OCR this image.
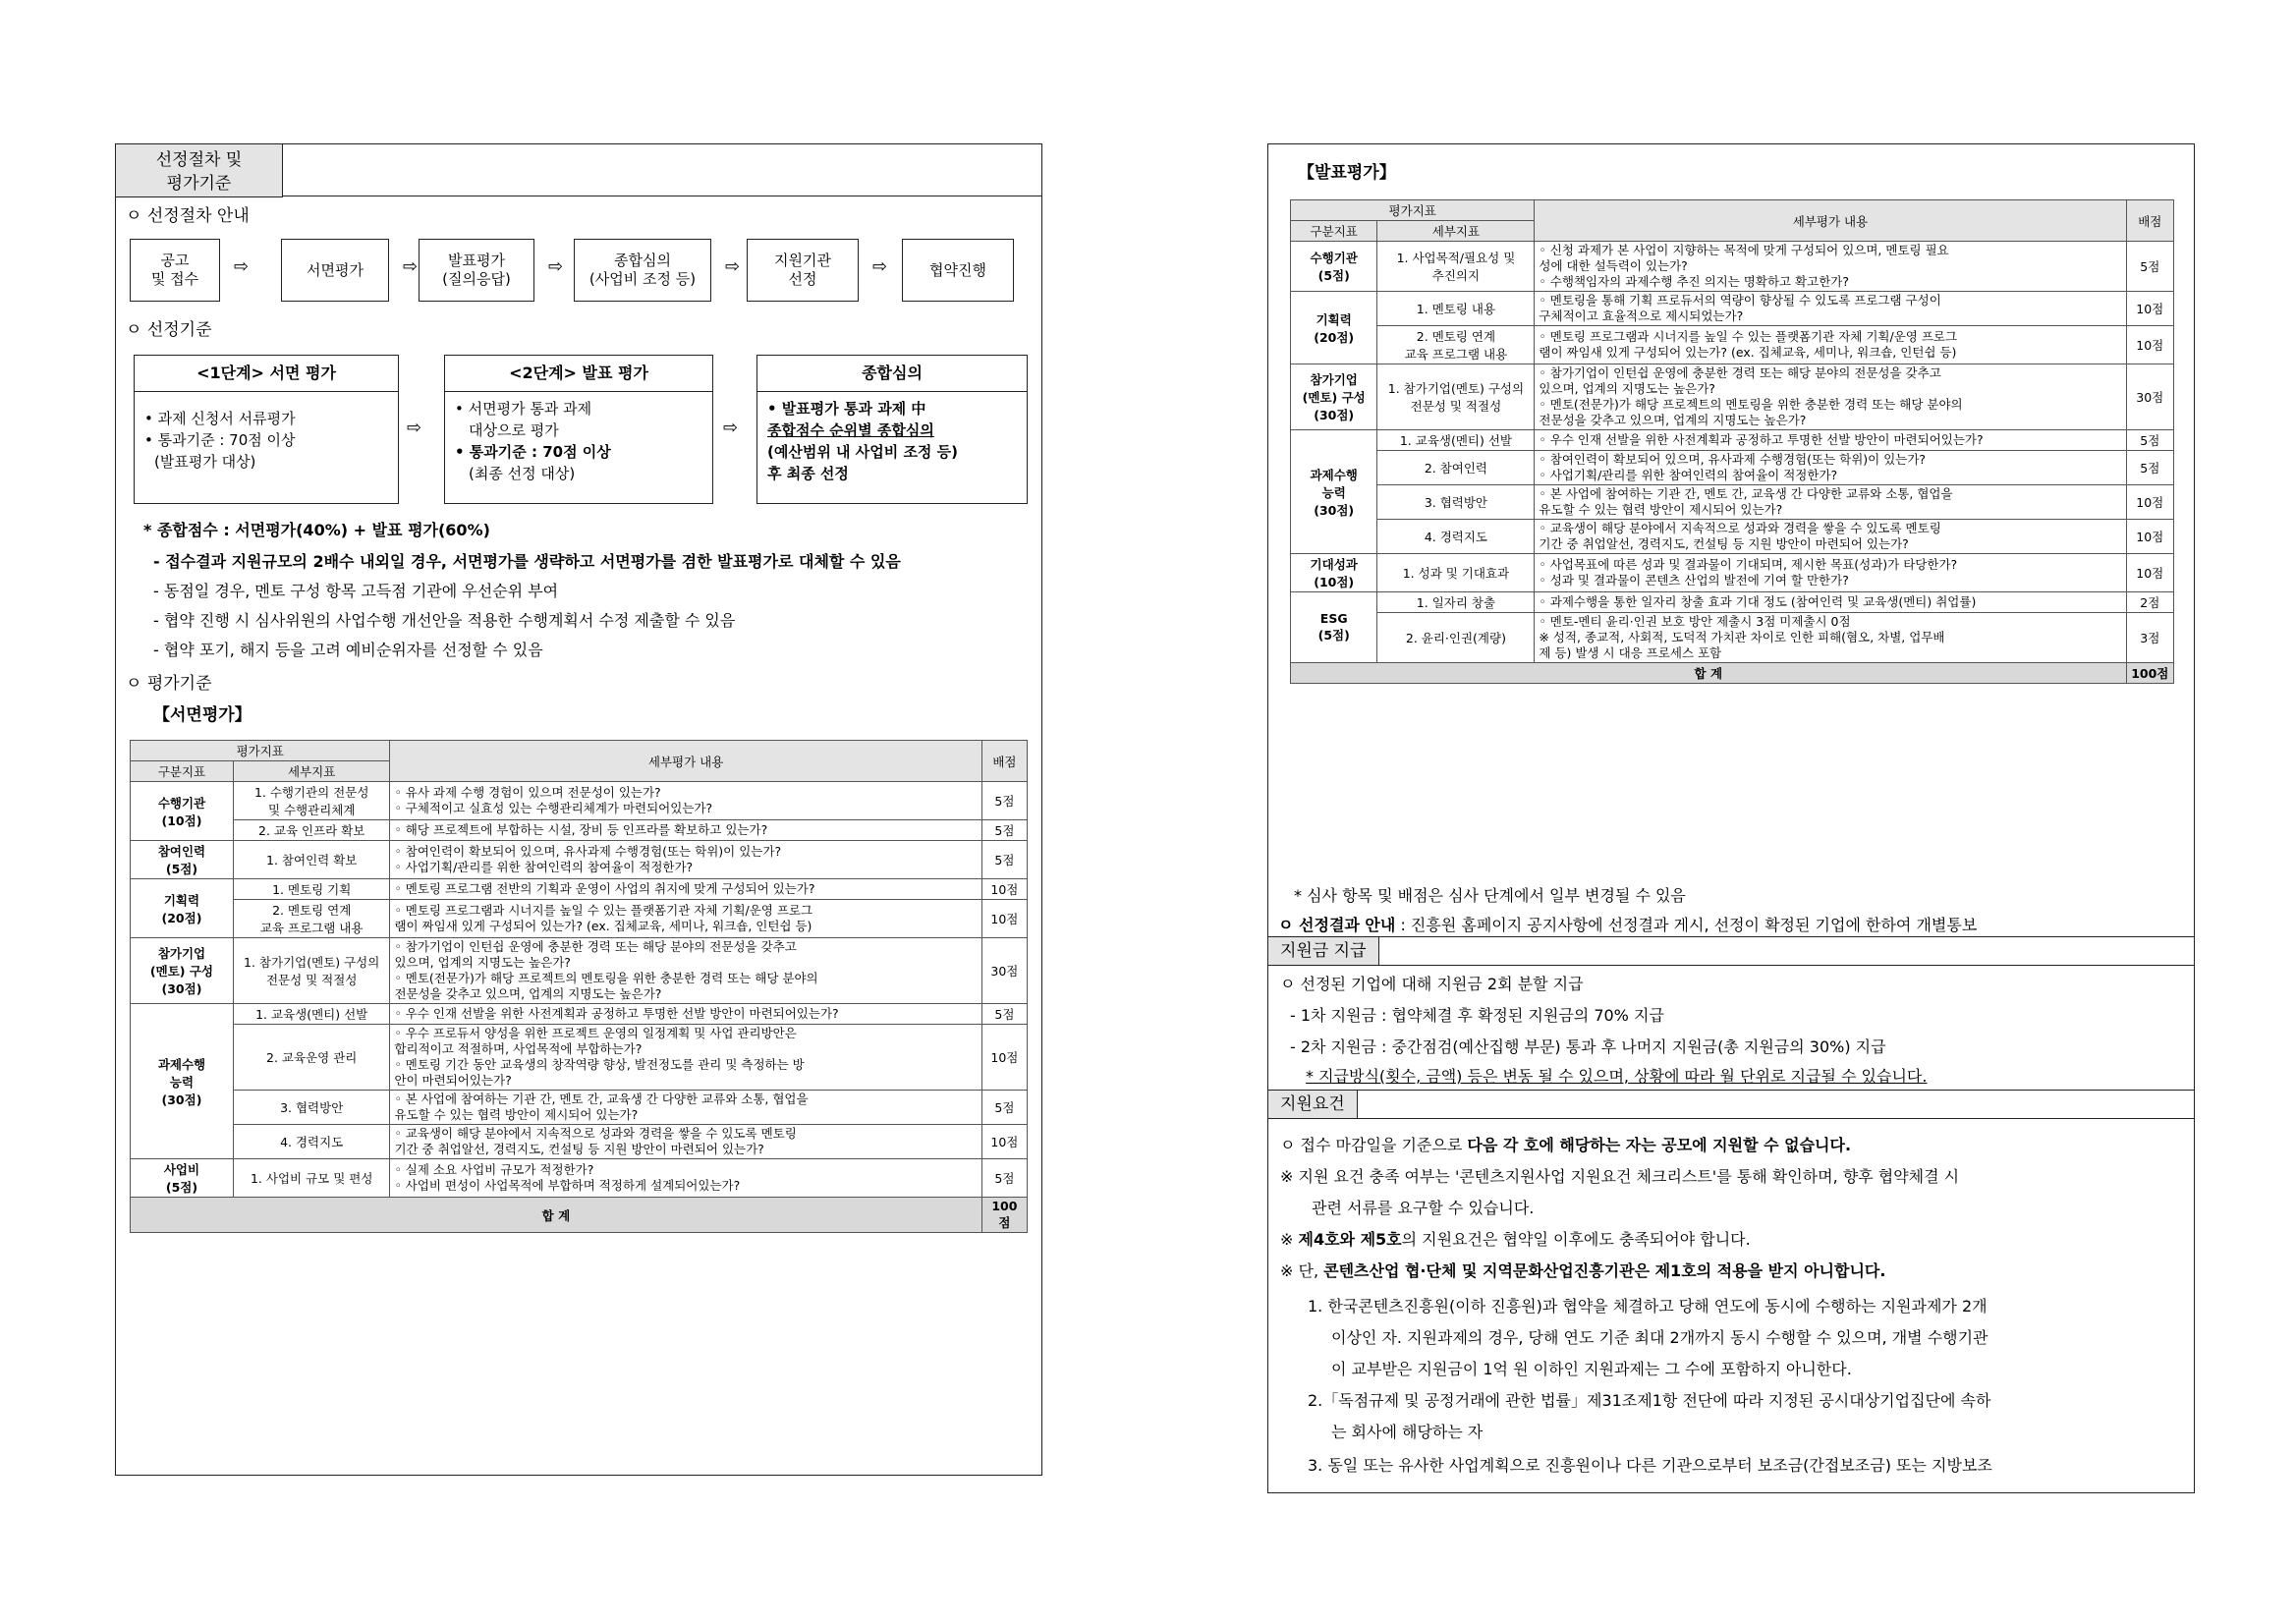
선정절차 및
평가기준
ㅇ 선정절차 안내
공고
및 접수
⇨	서면평가 ⇨	발표평가
(질의응답)
⇨	종합심의
(사업비 조정 등)
⇨ 지원기관
선정
⇨	협약진행
ㅇ 선정기준
<1단계> 서면 평가
• 과제 신청서 서류평가
• 통과기준 : 70점 이상
(발표평가 대상)
⇨
<2단계> 발표 평가
• 서면평가 통과 과제
대상으로 평가
• 통과기준 : 70점 이상
(최종 선정 대상)
⇨
종합심의
• 발표평가 통과 과제 中
종합점수 순위별 종합심의
(예산범위 내 사업비 조정 등)
후 최종 선정
* 종합점수 : 서면평가(40%) + 발표 평가(60%)
- 접수결과 지원규모의 2배수 내외일 경우, 서면평가를 생략하고 서면평가를 겸한 발표평가로 대체할 수 있음
- 동점일 경우, 멘토 구성 항목 고득점 기관에 우선순위 부여
- 협약 진행 시 심사위원의 사업수행 개선안을 적용한 수행계획서 수정 제출할 수 있음
- 협약 포기, 해지 등을 고려 예비순위자를 선정할 수 있음
ㅇ 평가기준
【서면평가】
평가지표		세부평가 내용	배점
구분지표	세부지표		
수행기관
(10점)	1. 수행기관의 전문성
및 수행관리체계	◦ 유사 과제 수행 경험이 있으며 전문성이 있는가?
◦ 구체적이고 실효성 있는 수행관리체계가 마련되어있는가?	5점
	2. 교육 인프라 확보	◦ 해당 프로젝트에 부합하는 시설, 장비 등 인프라를 확보하고 있는가?	5점
참여인력
(5점)	1. 참여인력 확보	◦ 참여인력이 확보되어 있으며, 유사과제 수행경험(또는 학위)이 있는가?
◦ 사업기획/관리를 위한 참여인력의 참여율이 적정한가?	5점
기획력
(20점)	1. 멘토링 기획	◦ 멘토링 프로그램 전반의 기획과 운영이 사업의 취지에 맞게 구성되어 있는가?	10점
	2. 멘토링 연계
교육 프로그램 내용	◦ 멘토링 프로그램과 시너지를 높일 수 있는 플랫폼기관 자체 기획/운영 프로그
램이 짜임새 있게 구성되어 있는가? (ex. 집체교육, 세미나, 워크숍, 인턴쉽 등)	10점
참가기업
(멘토) 구성
(30점)	1. 참가기업(멘토) 구성의
전문성 및 적절성	◦ 참가기업이 인턴쉽 운영에 충분한 경력 또는 해당 분야의 전문성을 갖추고
있으며, 업계의 지명도는 높은가?
◦ 멘토(전문가)가 해당 프로젝트의 멘토링을 위한 충분한 경력 또는 해당 분야의
전문성을 갖추고 있으며, 업계의 지명도는 높은가?	30점
과제수행
능력
(30점)	1. 교육생(멘티) 선발	◦ 우수 인재 선발을 위한 사전계획과 공정하고 투명한 선발 방안이 마련되어있는가?	5점
	2. 교육운영 관리	◦ 우수 프로듀서 양성을 위한 프로젝트 운영의 일정계획 및 사업 관리방안은
합리적이고 적절하며, 사업목적에 부합하는가?
◦ 멘토링 기간 동안 교육생의 창작역량 향상, 발전정도를 관리 및 측정하는 방
안이 마련되어있는가?	10점
	3. 협력방안	◦ 본 사업에 참여하는 기관 간, 멘토 간, 교육생 간 다양한 교류와 소통, 협업을
유도할 수 있는 협력 방안이 제시되어 있는가?	5점
	4. 경력지도	◦ 교육생이 해당 분야에서 지속적으로 성과와 경력을 쌓을 수 있도록 멘토링
기간 중 취업알선, 경력지도, 컨설팅 등 지원 방안이 마련되어 있는가?	10점
사업비
(5점)	1. 사업비 규모 및 편성	◦ 실제 소요 사업비 규모가 적정한가?
◦ 사업비 편성이 사업목적에 부합하며 적정하게 설계되어있는가?	5점
합 계			100점
【발표평가】
평가지표		세부평가 내용	배점
구분지표	세부지표		
수행기관
(5점)	1. 사업목적/필요성 및
추진의지	◦ 신청 과제가 본 사업이 지향하는 목적에 맞게 구성되어 있으며, 멘토링 필요
성에 대한 설득력이 있는가?
◦ 수행책임자의 과제수행 추진 의지는 명확하고 확고한가?	5점
기획력
(20점)	1. 멘토링 내용	◦ 멘토링을 통해 기획 프로듀서의 역량이 향상될 수 있도록 프로그램 구성이
구체적이고 효율적으로 제시되었는가?	10점
	2. 멘토링 연계
교육 프로그램 내용	◦ 멘토링 프로그램과 시너지를 높일 수 있는 플랫폼기관 자체 기획/운영 프로그
램이 짜임새 있게 구성되어 있는가? (ex. 집체교육, 세미나, 워크숍, 인턴쉽 등)	10점
참가기업
(멘토) 구성
(30점)	1. 참가기업(멘토) 구성의
전문성 및 적절성	◦ 참가기업이 인턴쉽 운영에 충분한 경력 또는 해당 분야의 전문성을 갖추고
있으며, 업계의 지명도는 높은가?
◦ 멘토(전문가)가 해당 프로젝트의 멘토링을 위한 충분한 경력 또는 해당 분야의
전문성을 갖추고 있으며, 업계의 지명도는 높은가?	30점
과제수행
능력
(30점)	1. 교육생(멘티) 선발	◦ 우수 인재 선발을 위한 사전계획과 공정하고 투명한 선발 방안이 마련되어있는가?	5점
	2. 참여인력	◦ 참여인력이 확보되어 있으며, 유사과제 수행경험(또는 학위)이 있는가?
◦ 사업기획/관리를 위한 참여인력의 참여율이 적정한가?	5점
	3. 협력방안	◦ 본 사업에 참여하는 기관 간, 멘토 간, 교육생 간 다양한 교류와 소통, 협업을
유도할 수 있는 협력 방안이 제시되어 있는가?	10점
	4. 경력지도	◦ 교육생이 해당 분야에서 지속적으로 성과와 경력을 쌓을 수 있도록 멘토링
기간 중 취업알선, 경력지도, 컨설팅 등 지원 방안이 마련되어 있는가?	10점
기대성과
(10점)	1. 성과 및 기대효과	◦ 사업목표에 따른 성과 및 결과물이 기대되며, 제시한 목표(성과)가 타당한가?
◦ 성과 및 결과물이 콘텐츠 산업의 발전에 기여 할 만한가?	10점
ESG
(5점)	1. 일자리 창출	◦ 과제수행을 통한 일자리 창출 효과 기대 정도 (참여인력 및 교육생(멘티) 취업률)	2점
	2. 윤리·인권(계량)	◦ 멘토-멘티 윤리·인권 보호 방안 제출시 3점 미제출시 0점
※ 성적, 종교적, 사회적, 도덕적 가치관 차이로 인한 피해(혐오, 차별, 업무배
제 등) 발생 시 대응 프로세스 포함	3점
합 계			100점
* 심사 항목 및 배점은 심사 단계에서 일부 변경될 수 있음
ㅇ 선정결과 안내 : 진흥원 홈페이지 공지사항에 선정결과 게시, 선정이 확정된 기업에 한하여 개별통보
지원금 지급
ㅇ 선정된 기업에 대해 지원금 2회 분할 지급
- 1차 지원금 : 협약체결 후 확정된 지원금의 70% 지급
- 2차 지원금 : 중간점검(예산집행 부문) 통과 후 나머지 지원금(총 지원금의 30%) 지급
* 지급방식(횟수, 금액) 등은 변동 될 수 있으며, 상황에 따라 월 단위로 지급될 수 있습니다.
지원요건
ㅇ 접수 마감일을 기준으로 다음 각 호에 해당하는 자는 공모에 지원할 수 없습니다.
※ 지원 요건 충족 여부는 '콘텐츠지원사업 지원요건 체크리스트'를 통해 확인하며, 향후 협약체결 시
관련 서류를 요구할 수 있습니다.
※ 제4호와 제5호의 지원요건은 협약일 이후에도 충족되어야 합니다.
※ 단, 콘텐츠산업 협·단체 및 지역문화산업진흥기관은 제1호의 적용을 받지 아니합니다.
1. 한국콘텐츠진흥원(이하 진흥원)과 협약을 체결하고 당해 연도에 동시에 수행하는 지원과제가 2개
이상인 자. 지원과제의 경우, 당해 연도 기준 최대 2개까지 동시 수행할 수 있으며, 개별 수행기관
이 교부받은 지원금이 1억 원 이하인 지원과제는 그 수에 포함하지 아니한다.
2.「독점규제 및 공정거래에 관한 법률」제31조제1항 전단에 따라 지정된 공시대상기업집단에 속하
는 회사에 해당하는 자
3. 동일 또는 유사한 사업계획으로 진흥원이나 다른 기관으로부터 보조금(간접보조금) 또는 지방보조
